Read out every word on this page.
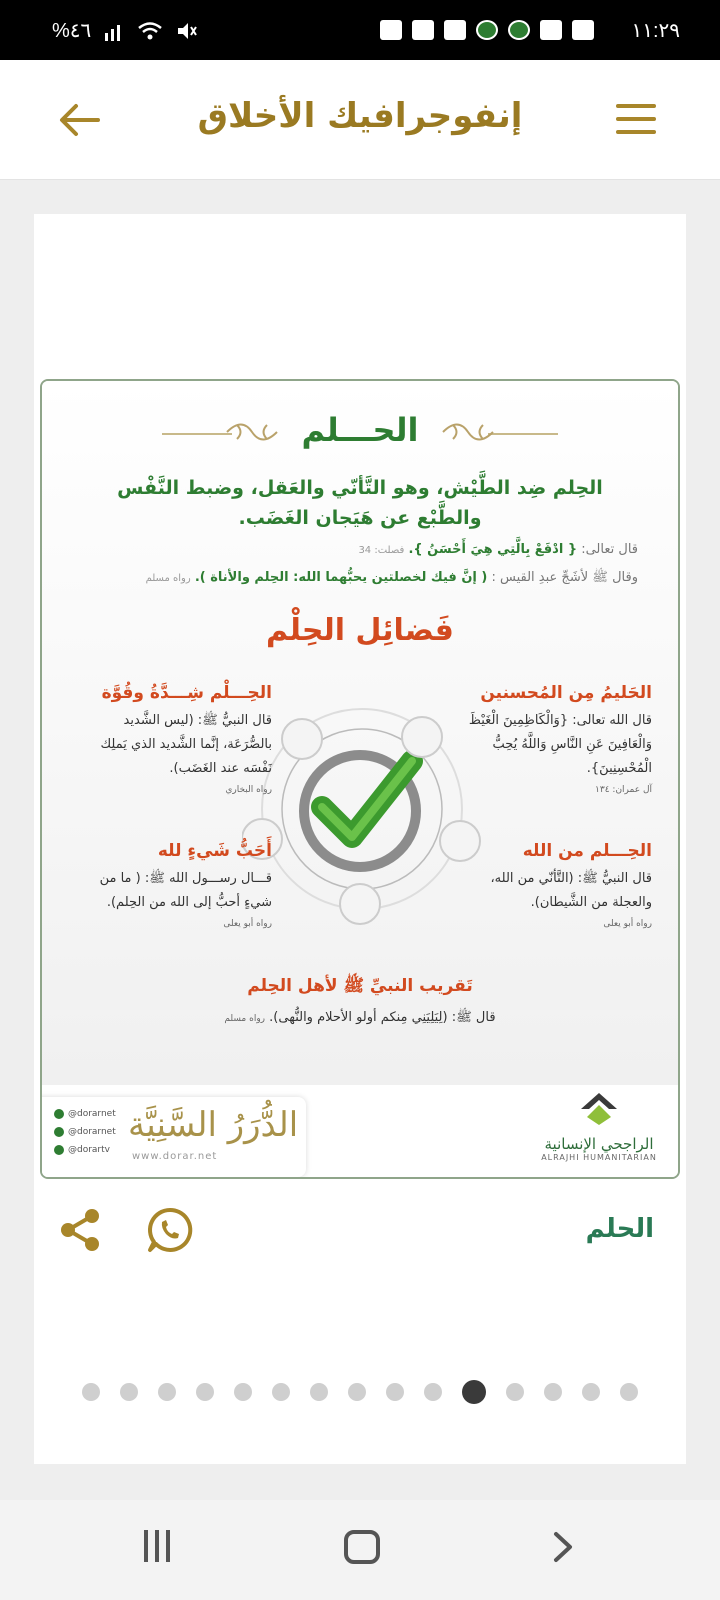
%٤٦	١١:٢٩
إنفوجرافيك الأخلاق
الحـــلم
الحِلم ضِد الطَّيْش، وهو التَّأنّي والعَقل، وضبط النَّفْس والطَّبْع عن هَيَجان الغَضَب.
قال تعالى: { ادْفَعْ بِالَّتِي هِيَ أَحْسَنُ }. فصلت: 34
وقال ﷺ لأشَجِّ عبدِ القيس : ( إنَّ فيك لخصلتين يحبُّهما الله: الحِلم والأناة ). رواه مسلم
فَضائِل الحِلْم
الحَليمُ مِن المُحسنين
قال الله تعالى: {وَالْكَاظِمِينَ الْغَيْظَ وَالْعَافِينَ عَنِ النَّاسِ وَاللَّهُ يُحِبُّ الْمُحْسِنِينَ}.
آل عمران: ١٣٤
الحِـــلْم شِـــدَّةُ وقُوَّة
قال النبيُّ ﷺ: (ليس الشَّديد بالصُّرَعَة، إنَّما الشَّديد الذي يَملِك نَفْسَه عند الغَضَب).
رواه البخاري
الحِـــلم من الله
قال النبيُّ ﷺ: (التَّأنّي من الله، والعجلة من الشَّيطان).
رواه أبو يعلى
أَحَبُّ شَيءٍ لله
قـــال رســـول الله ﷺ: ( ما من شيءٍ أحبُّ إلى الله من الحِلم).
رواه أبو يعلى
تَقريب النبيِّ ﷺ لأهل الحِلم
قال ﷺ: (لِيَلِيَنِي مِنكم أولو الأحلام والنُّهى). رواه مسلم
@dorarnet
@dorarnet
@dorartv
الدُّرَرُ السَّنِيَّة
www.dorar.net
الراجحي الإنسانية
ALRAJHI HUMANITARIAN
الحلم
